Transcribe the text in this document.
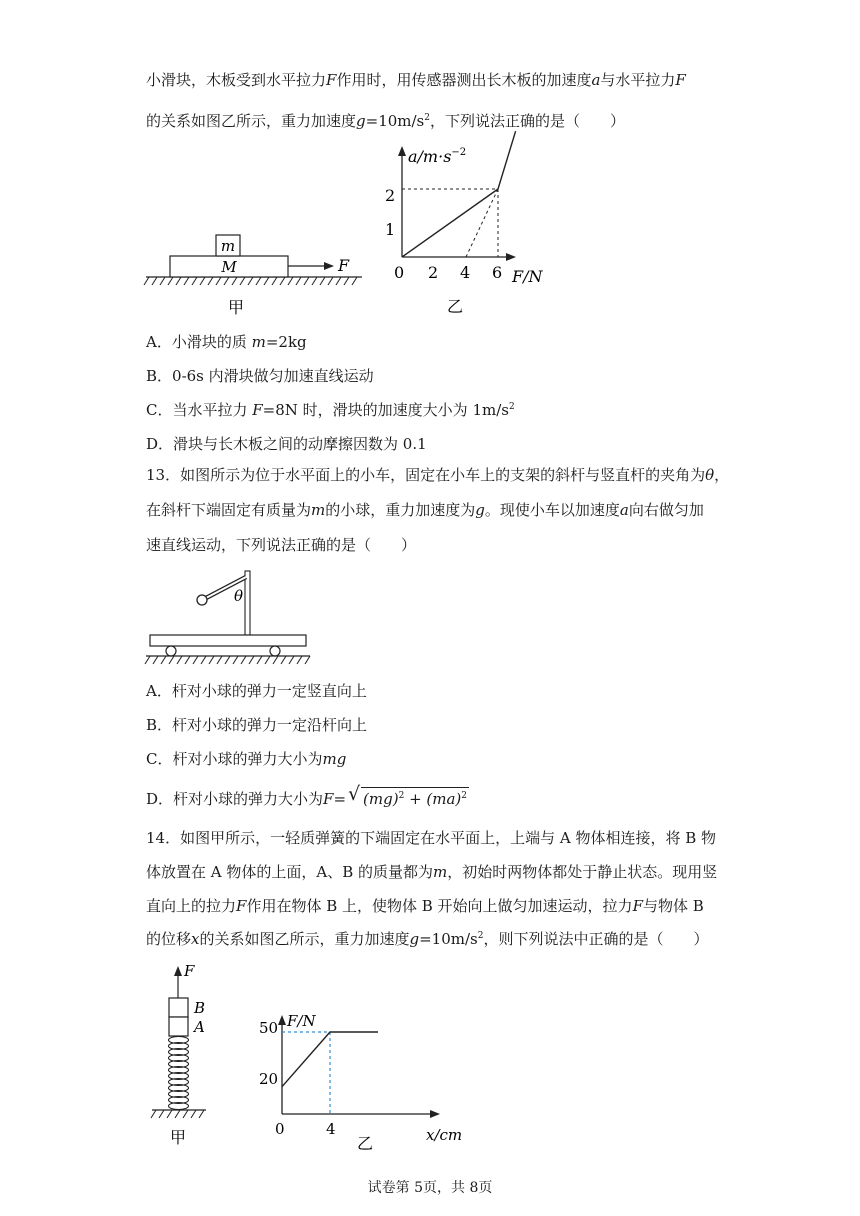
小滑块，木板受到水平拉力F作用时，用传感器测出长木板的加速度a与水平拉力F
的关系如图乙所示，重力加速度$g=10m/s^2$，下列说法正确的是（　　）
m
M	F
甲
$a/m\cdot s^{-2}$
F/N
2
1
0 2 4 6
乙
A．小滑块的质 m=2kg
B．0-6s 内滑块做匀加速直线运动
C．当水平拉力 F=8N 时，滑块的加速度大小为 $1m/s^2$
D．滑块与长木板之间的动摩擦因数为 0.1
13．如图所示为位于水平面上的小车，固定在小车上的支架的斜杆与竖直杆的夹角为θ，
在斜杆下端固定有质量为m的小球，重力加速度为g。现使小车以加速度a向右做匀加
速直线运动，下列说法正确的是（　　）
θ
A．杆对小球的弹力一定竖直向上
B．杆对小球的弹力一定沿杆向上
C．杆对小球的弹力大小为mg
D．杆对小球的弹力大小为F= √ (mg)$^2$ + (ma)$^2$
14．如图甲所示，一轻质弹簧的下端固定在水平面上，上端与 A 物体相连接，将 B 物
体放置在 A 物体的上面，A、B 的质量都为m，初始时两物体都处于静止状态。现用竖
直向上的拉力F作用在物体 B 上，使物体 B 开始向上做匀加速运动，拉力F与物体 B
的位移x的关系如图乙所示，重力加速度$g=10m/s^2$，则下列说法中正确的是（　　）
F
B
A
甲
F/N
x/cm
50
20
0	4
乙
试卷第 5页，共 8页
